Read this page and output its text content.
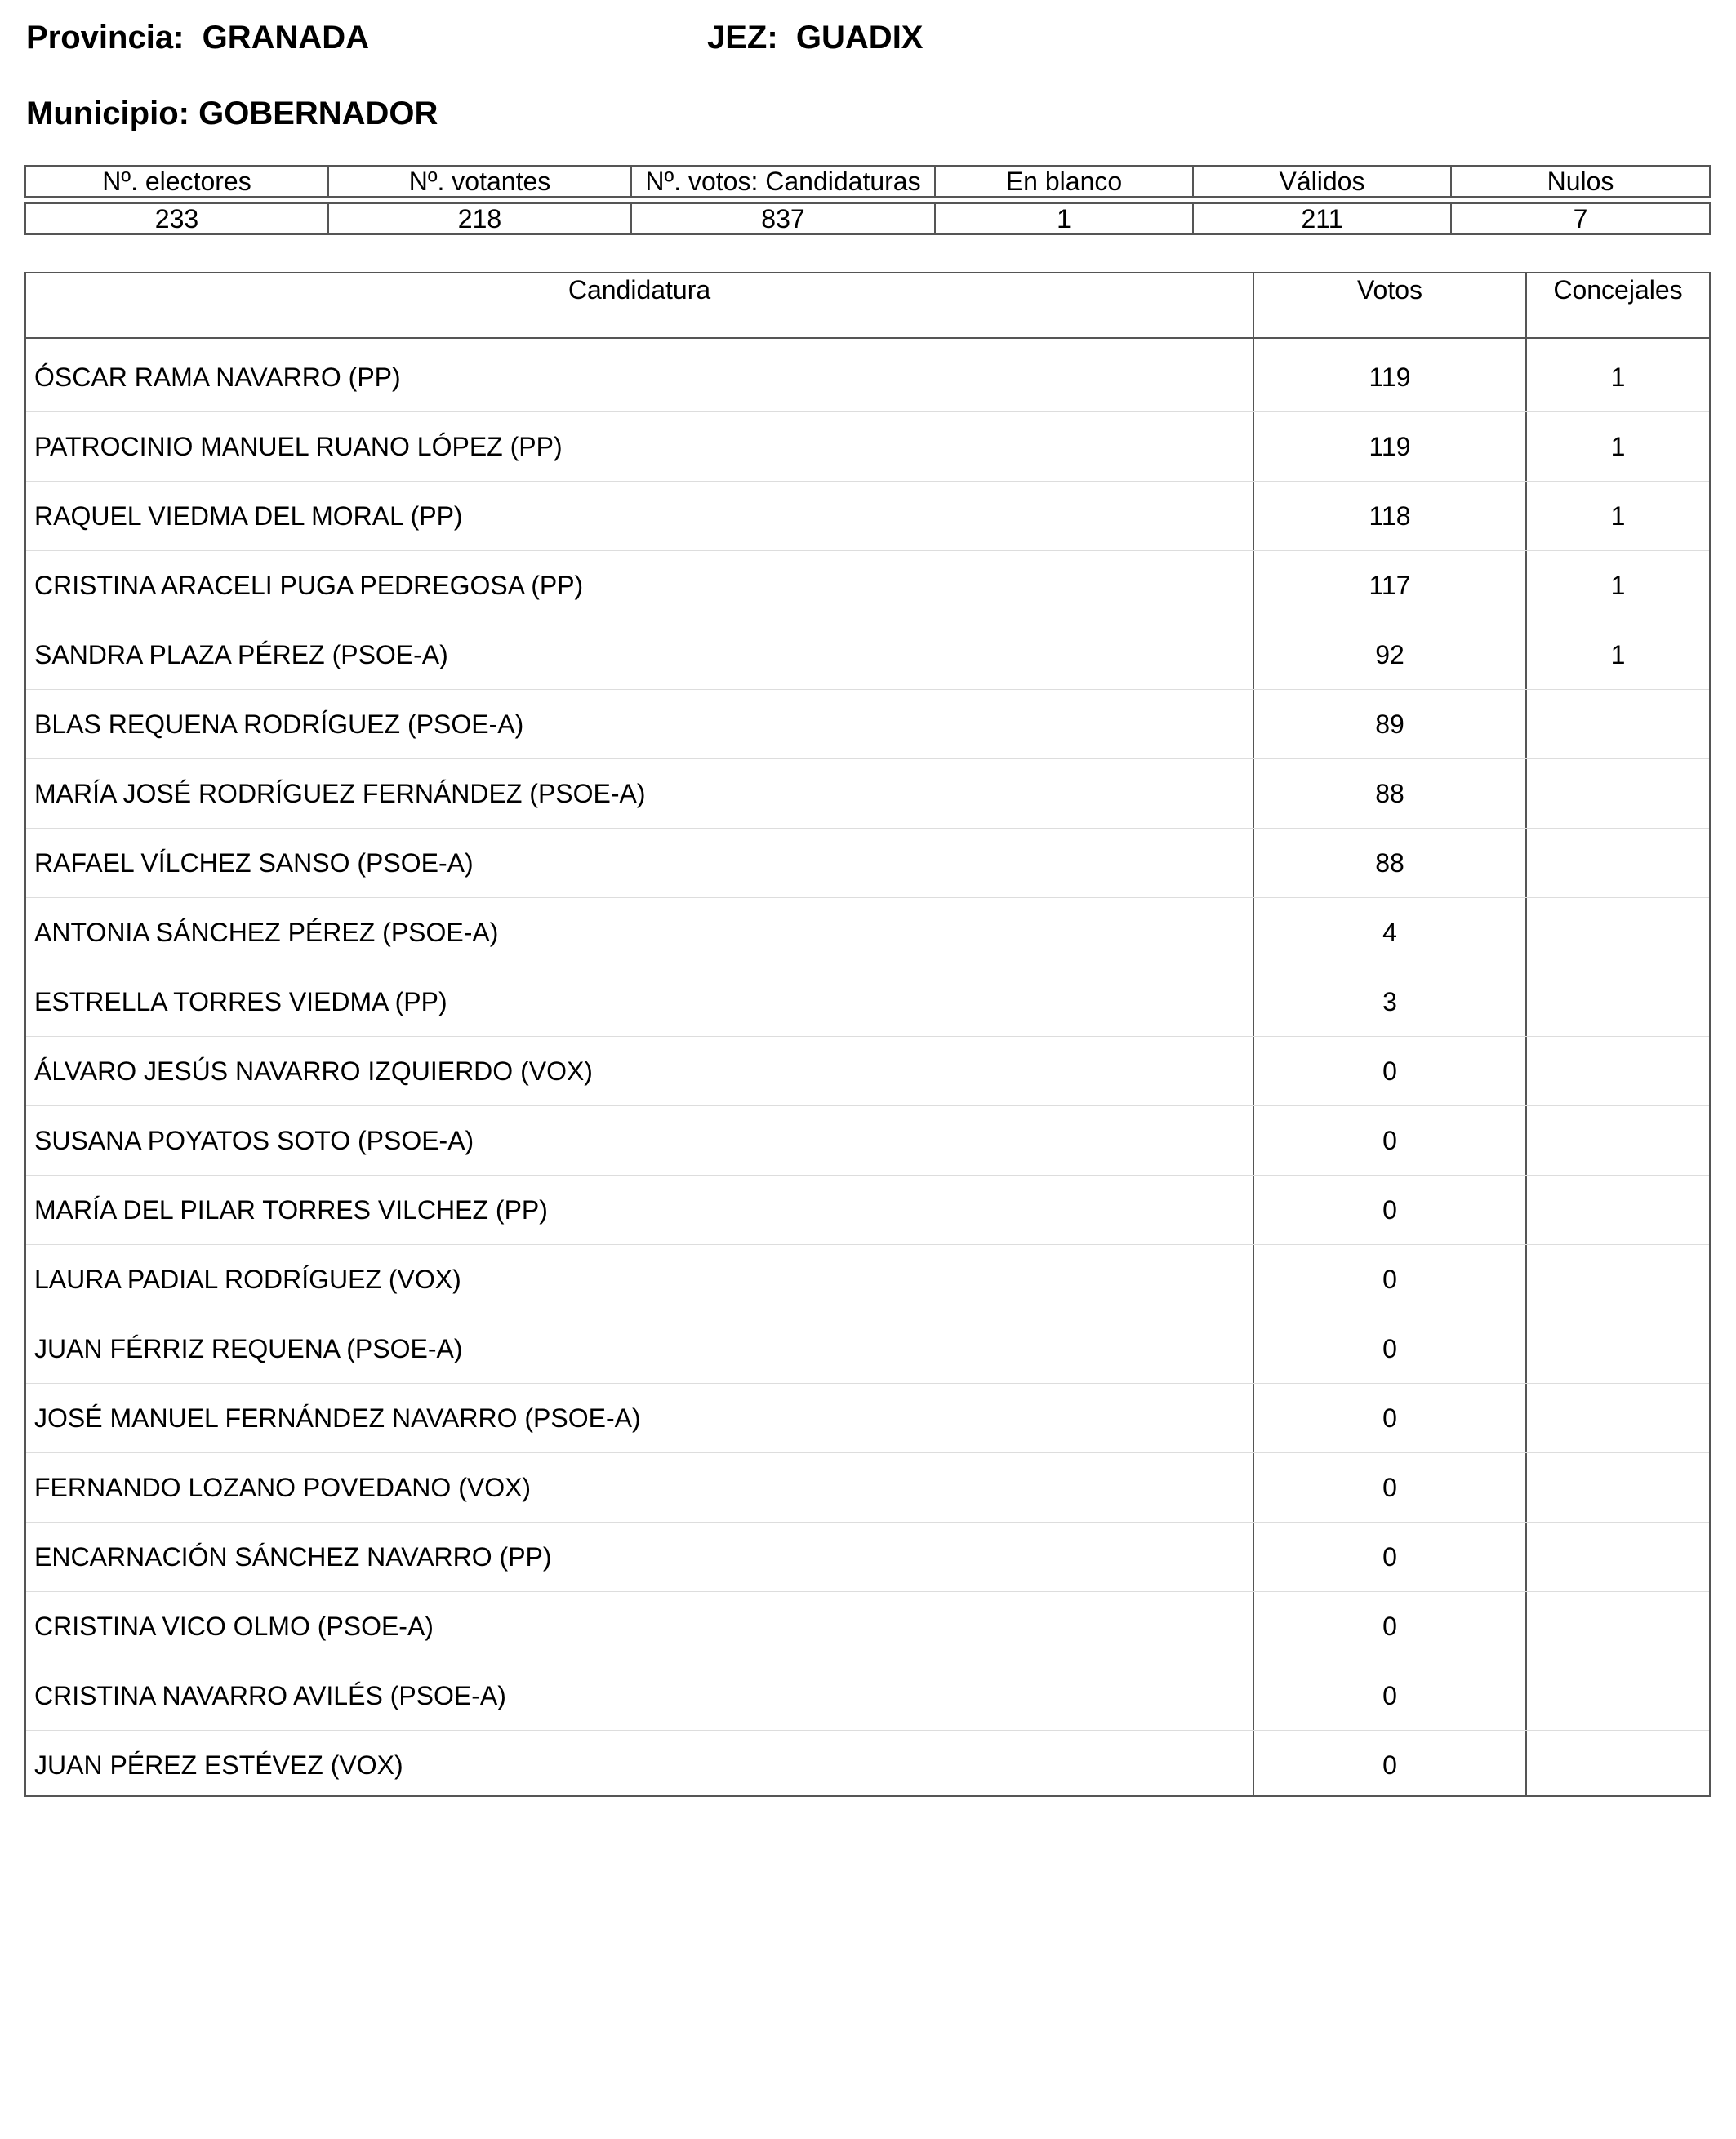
Provincia: GRANADA	JEZ: GUADIX
Municipio: GOBERNADOR
Nº. electores	Nº. votantes	Nº. votos: Candidaturas	En blanco	Válidos	Nulos

233	218	837	1	211	7
Candidatura	Votos	Concejales
ÓSCAR RAMA NAVARRO (PP)	119	1
PATROCINIO MANUEL RUANO LÓPEZ (PP)	119	1
RAQUEL VIEDMA DEL MORAL (PP)	118	1
CRISTINA ARACELI PUGA PEDREGOSA (PP)	117	1
SANDRA PLAZA PÉREZ (PSOE-A)	92	1
BLAS REQUENA RODRÍGUEZ (PSOE-A)	89
MARÍA JOSÉ RODRÍGUEZ FERNÁNDEZ (PSOE-A)	88
RAFAEL VÍLCHEZ SANSO (PSOE-A)	88
ANTONIA SÁNCHEZ PÉREZ (PSOE-A)	4
ESTRELLA TORRES VIEDMA (PP)	3
ÁLVARO JESÚS NAVARRO IZQUIERDO (VOX)	0
SUSANA POYATOS SOTO (PSOE-A)	0
MARÍA DEL PILAR TORRES VILCHEZ (PP)	0
LAURA PADIAL RODRÍGUEZ (VOX)	0
JUAN FÉRRIZ REQUENA (PSOE-A)	0
JOSÉ MANUEL FERNÁNDEZ NAVARRO (PSOE-A)	0
FERNANDO LOZANO POVEDANO (VOX)	0
ENCARNACIÓN SÁNCHEZ NAVARRO (PP)	0
CRISTINA VICO OLMO (PSOE-A)	0
CRISTINA NAVARRO AVILÉS (PSOE-A)	0
JUAN PÉREZ ESTÉVEZ (VOX)	0
